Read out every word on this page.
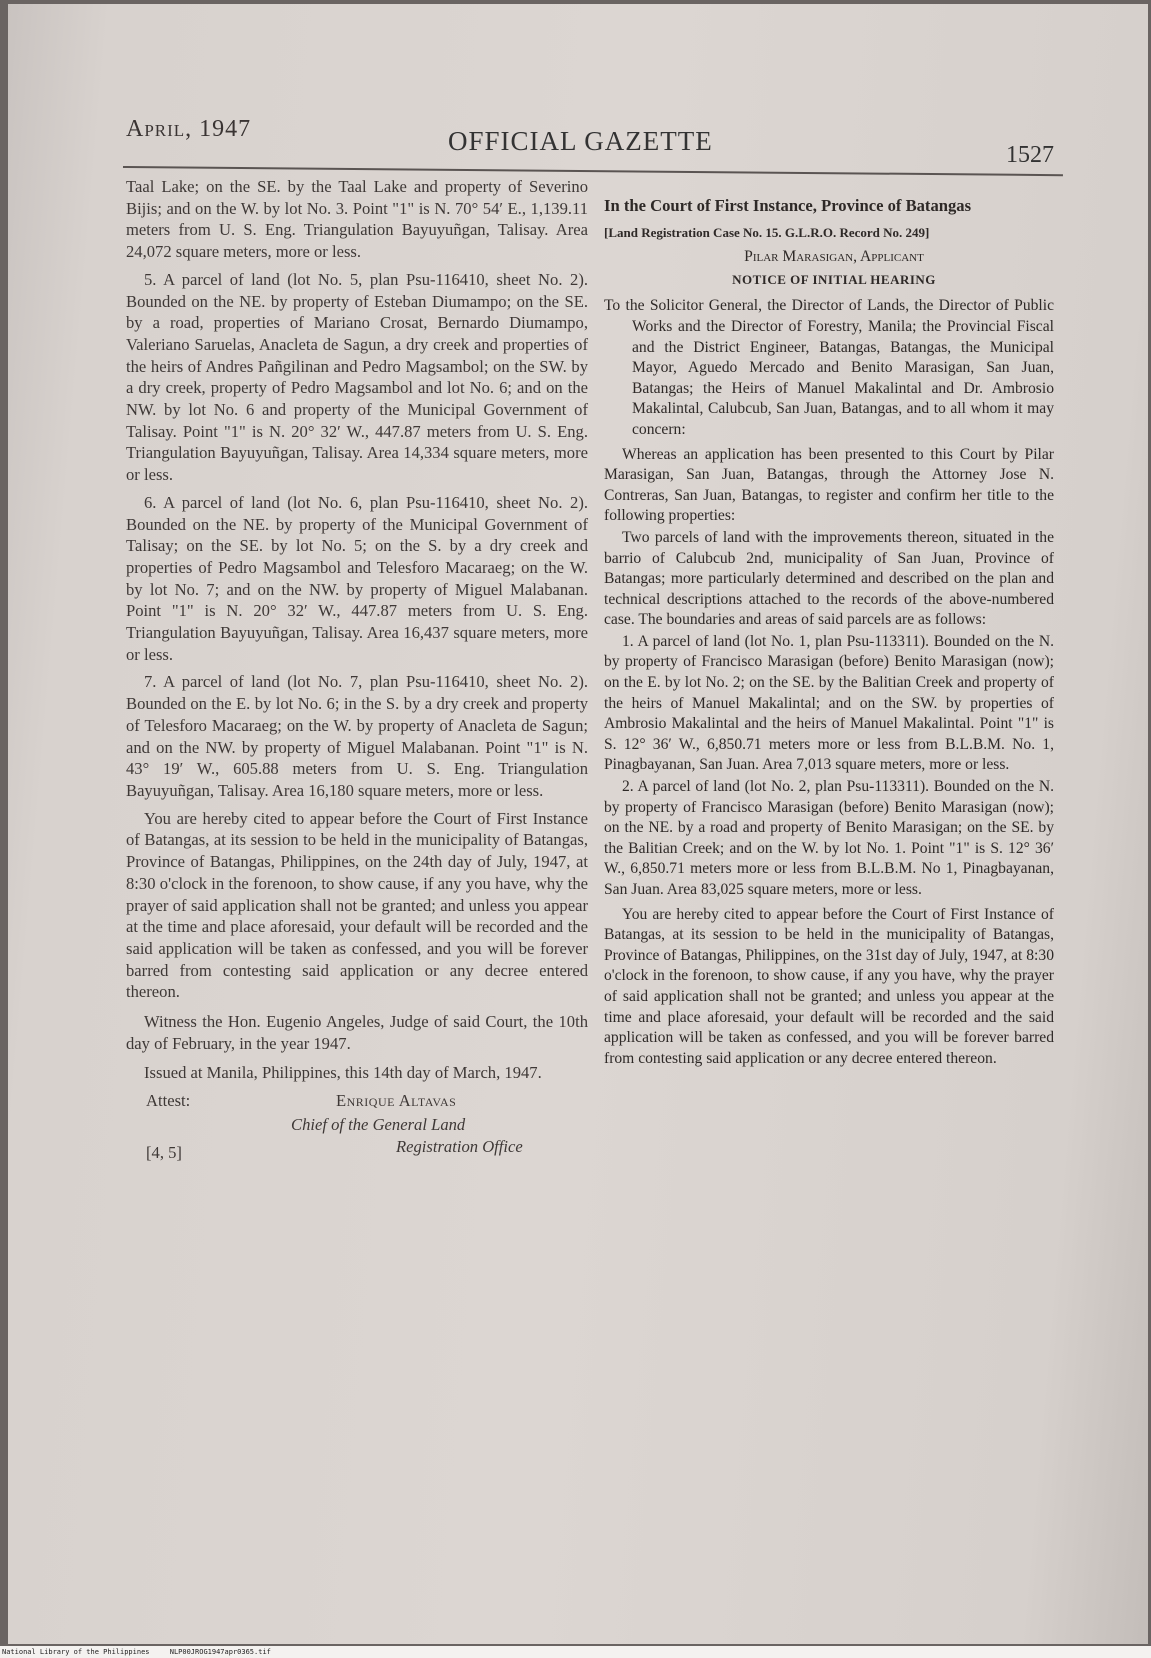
April, 1947	OFFICIAL GAZETTE	1527

Taal Lake; on the SE. by the Taal Lake and property of Severino Bijis; and on the W. by lot No. 3. Point "1" is N. 70° 54′ E., 1,139.11 meters from U. S. Eng. Triangulation Bayuyuñgan, Talisay. Area 24,072 square meters, more or less.

5. A parcel of land (lot No. 5, plan Psu-116410, sheet No. 2). Bounded on the NE. by property of Esteban Diumampo; on the SE. by a road, properties of Mariano Crosat, Bernardo Diumampo, Valeriano Saruelas, Anacleta de Sagun, a dry creek and properties of the heirs of Andres Pañgilinan and Pedro Magsambol; on the SW. by a dry creek, property of Pedro Magsambol and lot No. 6; and on the NW. by lot No. 6 and property of the Municipal Government of Talisay. Point "1" is N. 20° 32′ W., 447.87 meters from U. S. Eng. Triangulation Bayuyuñgan, Talisay. Area 14,334 square meters, more or less.

6. A parcel of land (lot No. 6, plan Psu-116410, sheet No. 2). Bounded on the NE. by property of the Municipal Government of Talisay; on the SE. by lot No. 5; on the S. by a dry creek and properties of Pedro Magsambol and Telesforo Macaraeg; on the W. by lot No. 7; and on the NW. by property of Miguel Malabanan. Point "1" is N. 20° 32′ W., 447.87 meters from U. S. Eng. Triangulation Bayuyuñgan, Talisay. Area 16,437 square meters, more or less.

7. A parcel of land (lot No. 7, plan Psu-116410, sheet No. 2). Bounded on the E. by lot No. 6; in the S. by a dry creek and property of Telesforo Macaraeg; on the W. by property of Anacleta de Sagun; and on the NW. by property of Miguel Malabanan. Point "1" is N. 43° 19′ W., 605.88 meters from U. S. Eng. Triangulation Bayuyuñgan, Talisay. Area 16,180 square meters, more or less.

You are hereby cited to appear before the Court of First Instance of Batangas, at its session to be held in the municipality of Batangas, Province of Batangas, Philippines, on the 24th day of July, 1947, at 8:30 o'clock in the forenoon, to show cause, if any you have, why the prayer of said application shall not be granted; and unless you appear at the time and place aforesaid, your default will be recorded and the said application will be taken as confessed, and you will be forever barred from contesting said application or any decree entered thereon.

Witness the Hon. Eugenio Angeles, Judge of said Court, the 10th day of February, in the year 1947.

Issued at Manila, Philippines, this 14th day of March, 1947.

Attest:	Enrique Altavas
Chief of the General Land
[4, 5]	Registration Office

In the Court of First Instance, Province of Batangas

[Land Registration Case No. 15. G.L.R.O. Record No. 249]

Pilar Marasigan, Applicant

NOTICE OF INITIAL HEARING

To the Solicitor General, the Director of Lands, the Director of Public Works and the Director of Forestry, Manila; the Provincial Fiscal and the District Engineer, Batangas, Batangas, the Municipal Mayor, Aguedo Mercado and Benito Marasigan, San Juan, Batangas; the Heirs of Manuel Makalintal and Dr. Ambrosio Makalintal, Calubcub, San Juan, Batangas, and to all whom it may concern:

Whereas an application has been presented to this Court by Pilar Marasigan, San Juan, Batangas, through the Attorney Jose N. Contreras, San Juan, Batangas, to register and confirm her title to the following properties:

Two parcels of land with the improvements thereon, situated in the barrio of Calubcub 2nd, municipality of San Juan, Province of Batangas; more particularly determined and described on the plan and technical descriptions attached to the records of the above-numbered case. The boundaries and areas of said parcels are as follows:

1. A parcel of land (lot No. 1, plan Psu-113311). Bounded on the N. by property of Francisco Marasigan (before) Benito Marasigan (now); on the E. by lot No. 2; on the SE. by the Balitian Creek and property of the heirs of Manuel Makalintal; and on the SW. by properties of Ambrosio Makalintal and the heirs of Manuel Makalintal. Point "1" is S. 12° 36′ W., 6,850.71 meters more or less from B.L.B.M. No. 1, Pinagbayanan, San Juan. Area 7,013 square meters, more or less.

2. A parcel of land (lot No. 2, plan Psu-113311). Bounded on the N. by property of Francisco Marasigan (before) Benito Marasigan (now); on the NE. by a road and property of Benito Marasigan; on the SE. by the Balitian Creek; and on the W. by lot No. 1. Point "1" is S. 12° 36′ W., 6,850.71 meters more or less from B.L.B.M. No 1, Pinagbayanan, San Juan. Area 83,025 square meters, more or less.

You are hereby cited to appear before the Court of First Instance of Batangas, at its session to be held in the municipality of Batangas, Province of Batangas, Philippines, on the 31st day of July, 1947, at 8:30 o'clock in the forenoon, to show cause, if any you have, why the prayer of said application shall not be granted; and unless you appear at the time and place aforesaid, your default will be recorded and the said application will be taken as confessed, and you will be forever barred from contesting said application or any decree entered thereon.

National Library of the Philippines	NLP00JROG1947apr0365.tif
